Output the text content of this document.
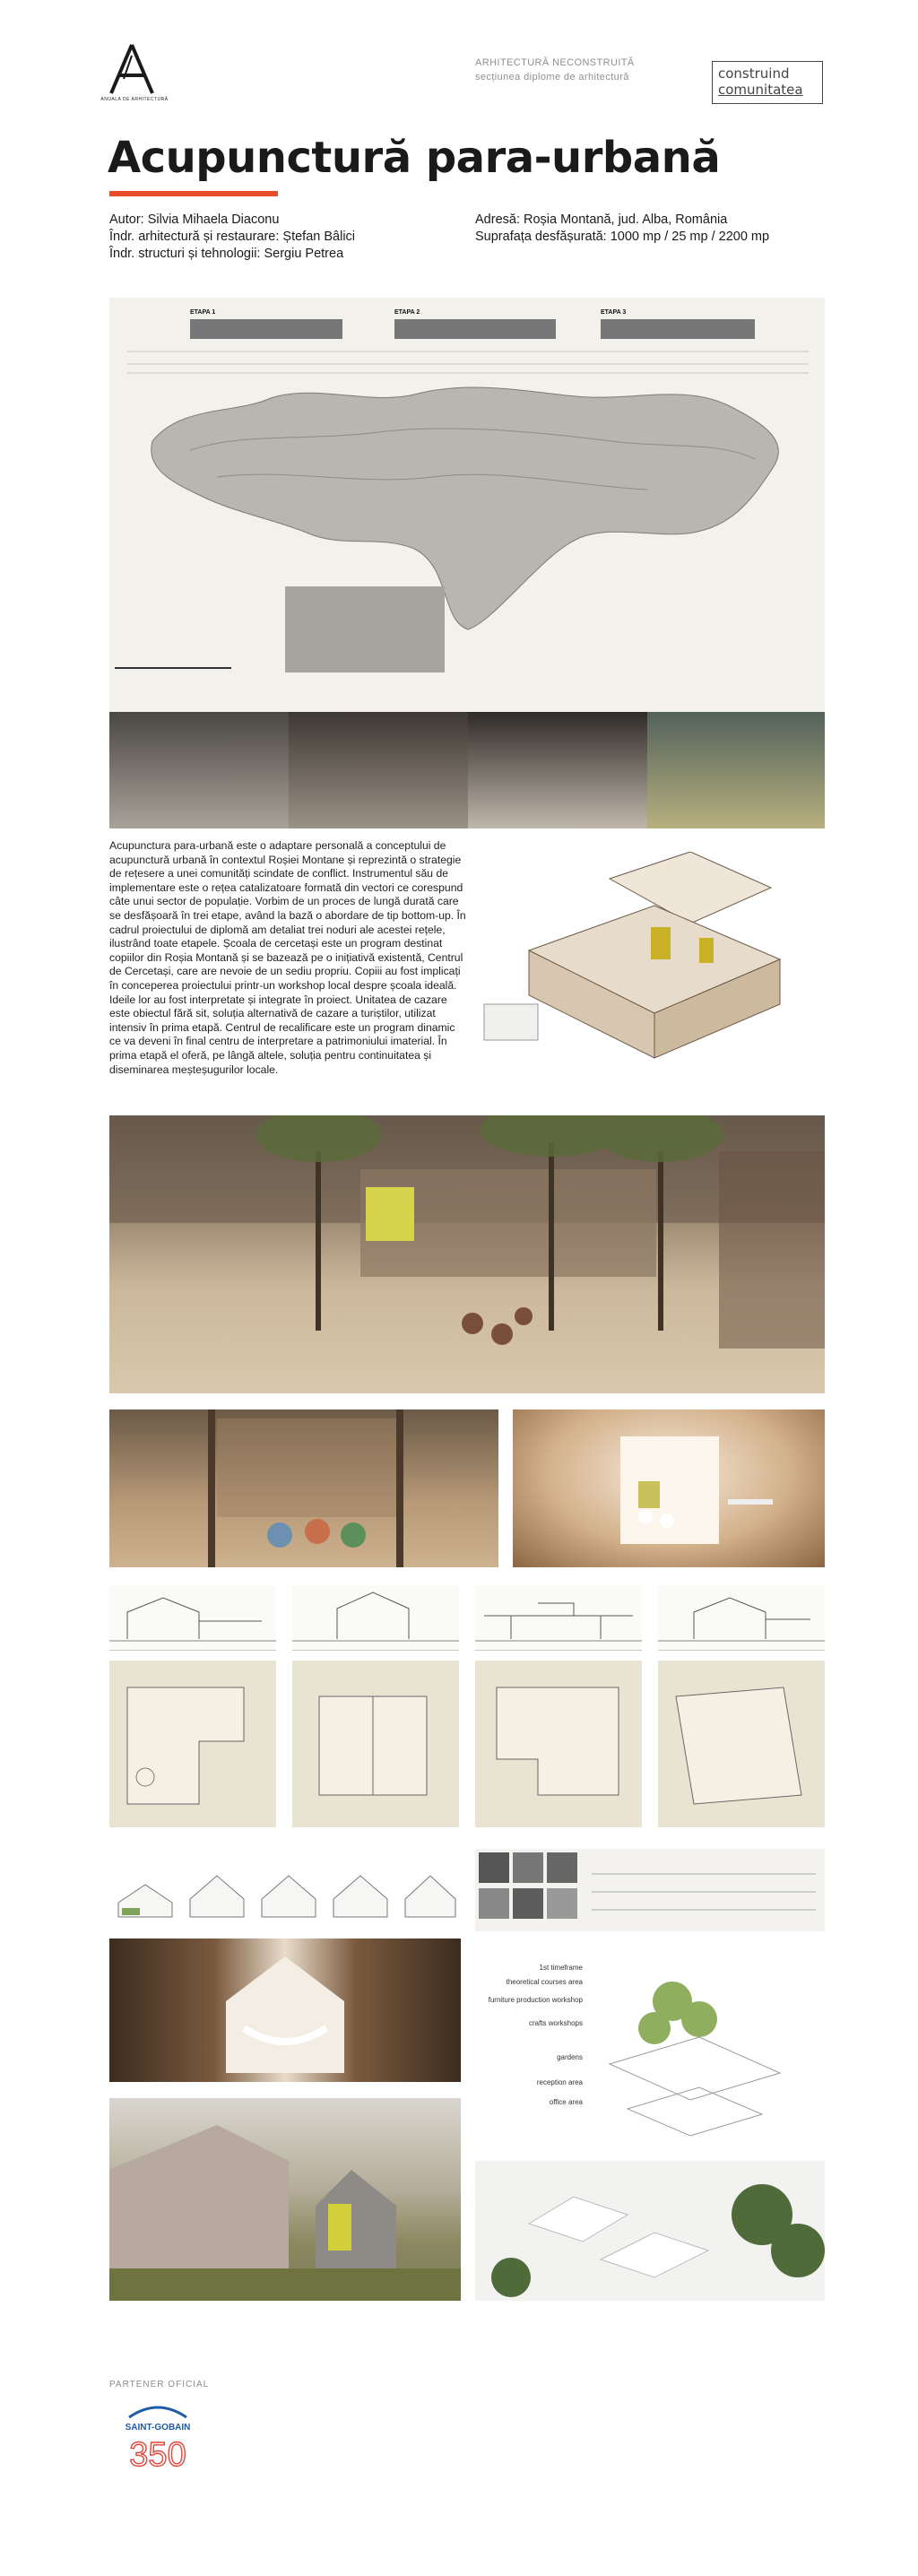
ANUALA DE ARHITECTURĂ
ARHITECTURĂ NECONSTRUITĂ
secțiunea diplome de arhitectură	construind
comunitatea
Acupunctură para-urbană
Autor: Silvia Mihaela Diaconu
Îndr. arhitectură și restaurare: Ștefan Bâlici
Îndr. structuri și tehnologii: Sergiu Petrea
Adresă: Roșia Montană, jud. Alba, România
Suprafața desfășurată: 1000 mp / 25 mp / 2200 mp
ETAPA 1	ETAPA 2	ETAPA 3
Acupunctura para-urbană este o adaptare personală a conceptului de acupunctură urbană în contextul Roșiei Montane și reprezintă o strategie de rețesere a unei comunități scindate de conflict. Instrumentul său de implementare este o rețea catalizatoare formată din vectori ce corespund câte unui sector de populație. Vorbim de un proces de lungă durată care se desfășoară în trei etape, având la bază o abordare de tip bottom-up. În cadrul proiectului de diplomă am detaliat trei noduri ale acestei rețele, ilustrând toate etapele. Școala de cercetași este un program destinat copiilor din Roșia Montană și se bazează pe o inițiativă existentă, Centrul de Cercetași, care are nevoie de un sediu propriu. Copiii au fost implicați în conceperea proiectului printr-un workshop local despre școala ideală. Ideile lor au fost interpretate și integrate în proiect. Unitatea de cazare este obiectul fără sit, soluția alternativă de cazare a turiștilor, utilizat intensiv în prima etapă. Centrul de recalificare este un program dinamic ce va deveni în final centru de interpretare a patrimoniului imaterial. În prima etapă el oferă, pe lângă altele, soluția pentru continuitatea și diseminarea meșteșugurilor locale.
1st timeframe
theoretical courses area
furniture production workshop
crafts workshops
gardens
reception area
office area
PARTENER OFICIAL
SAINT-GOBAIN
350
